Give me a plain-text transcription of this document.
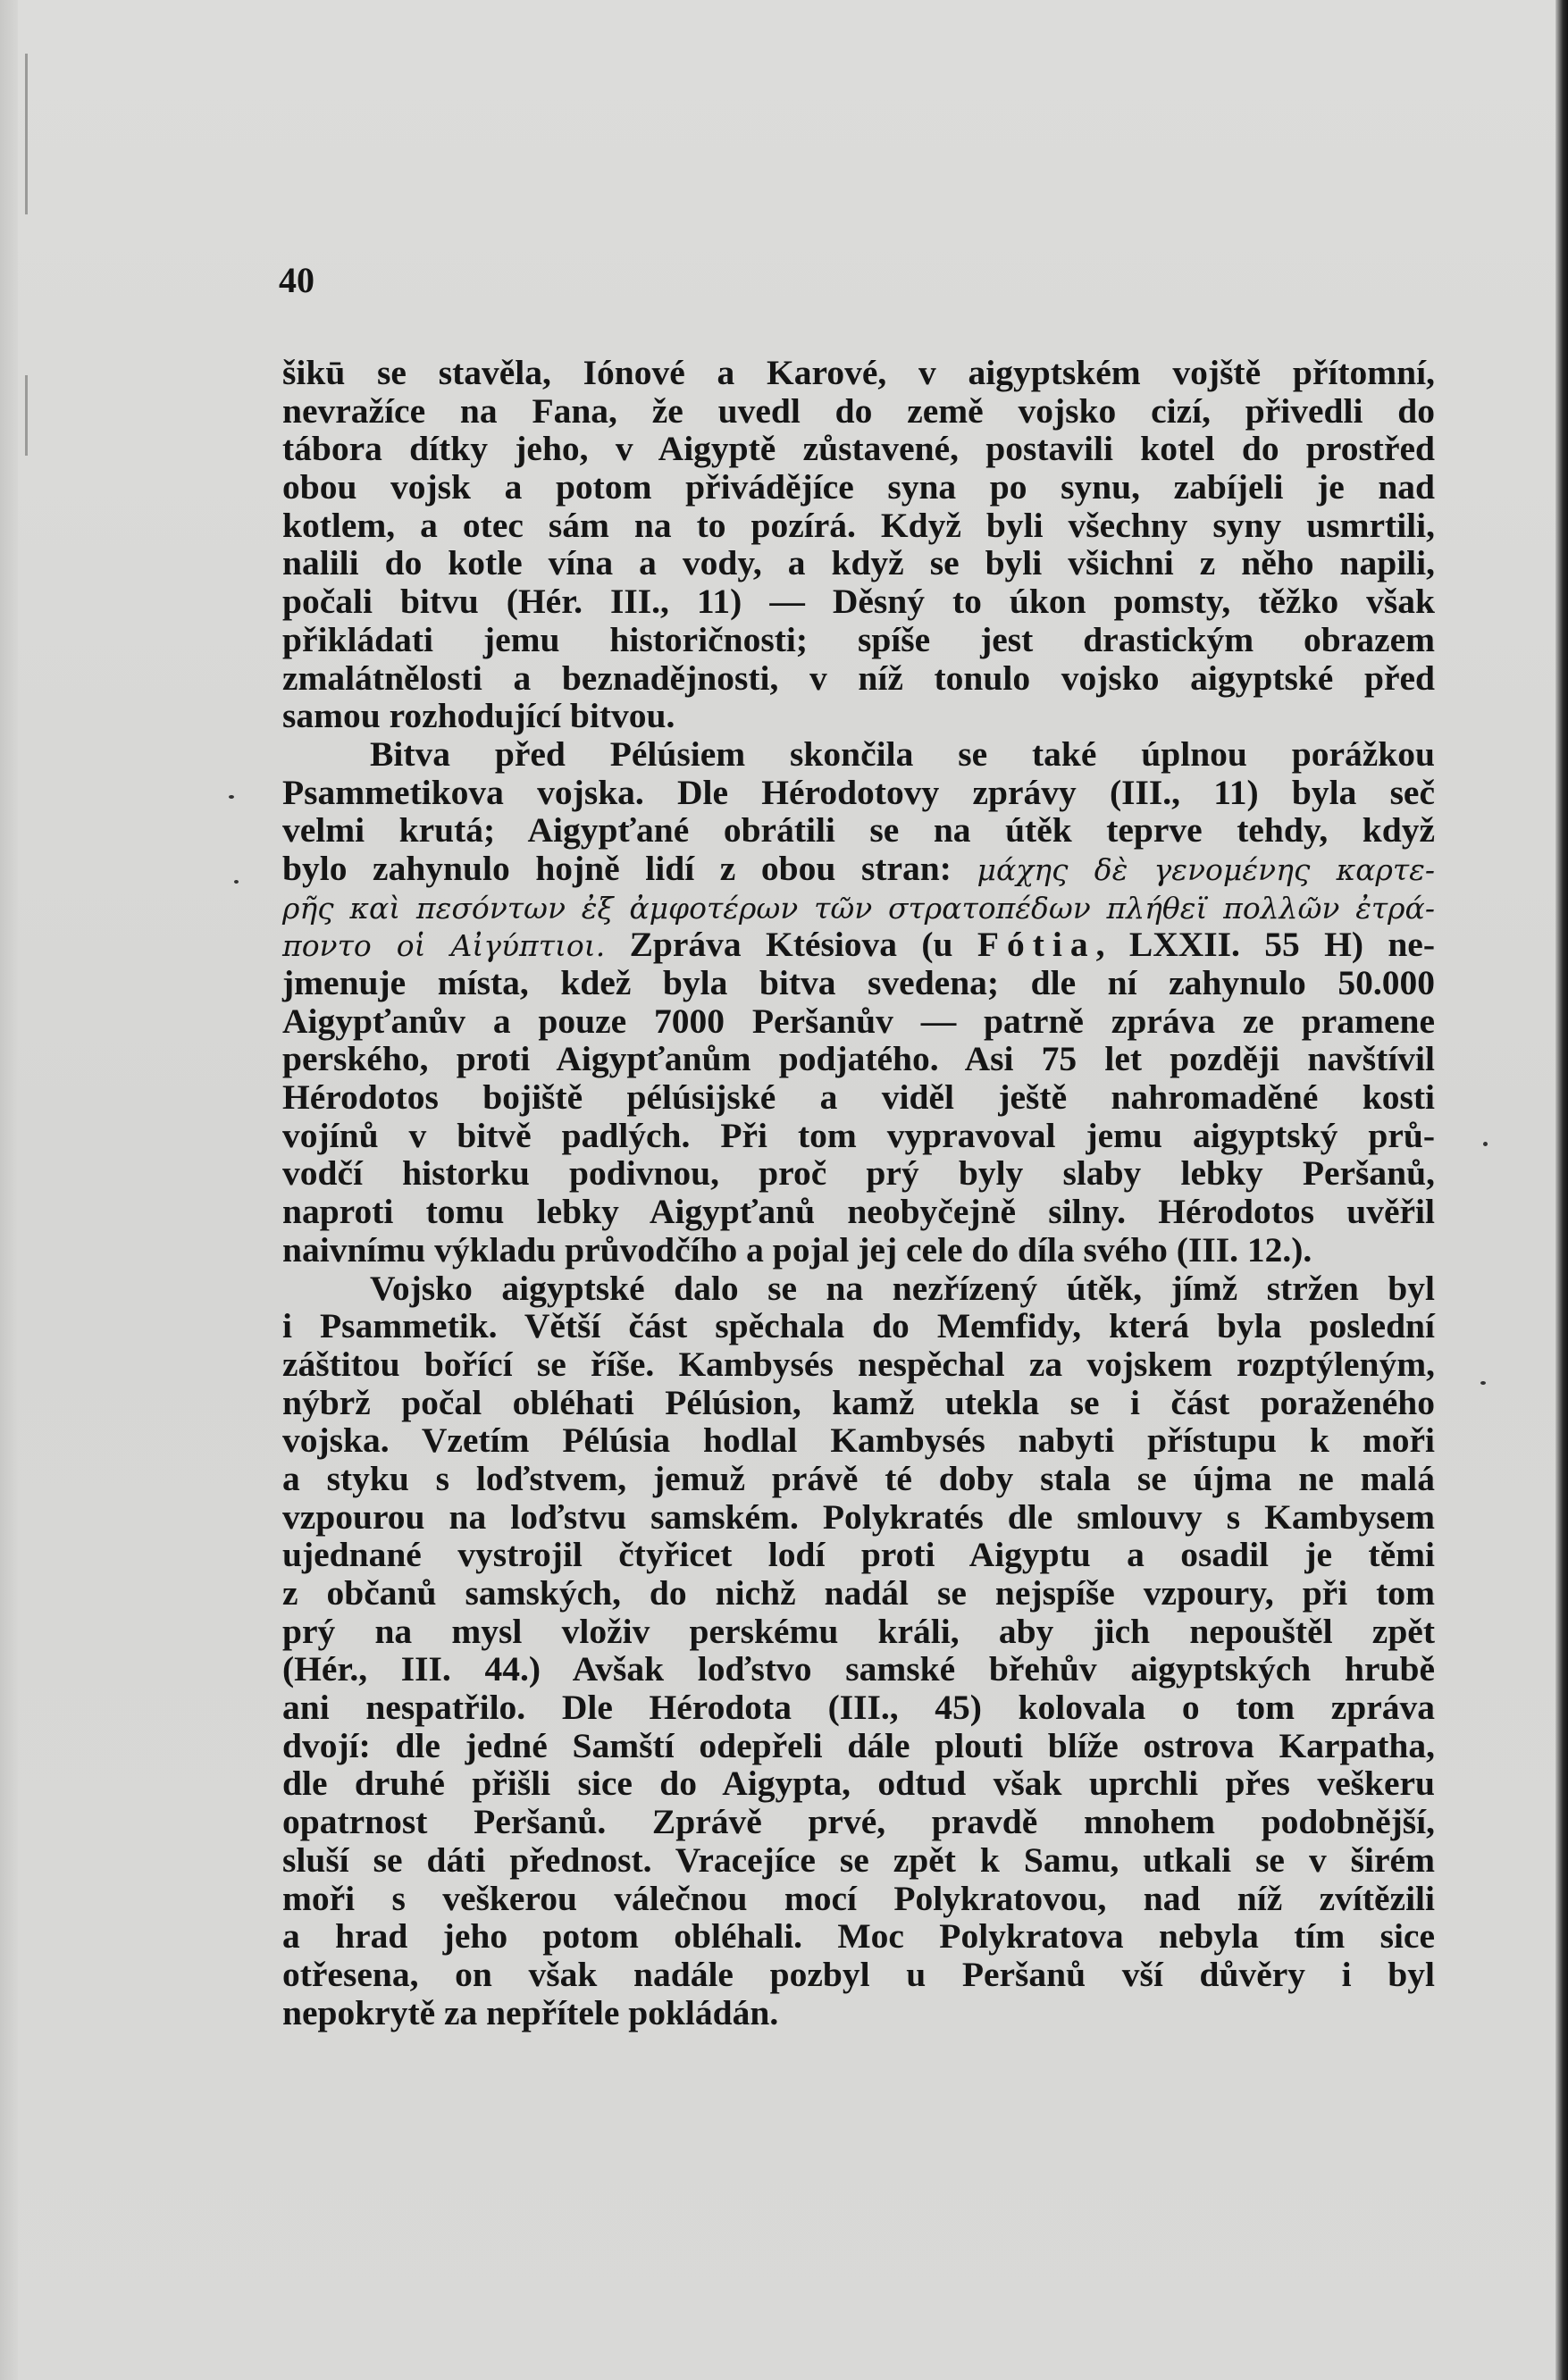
40
šikū se stavěla, Iónové a Karové, v aigyptském vojště přítomní,
nevražíce na Fana, že uvedl do země vojsko cizí, přivedli do
tábora dítky jeho, v Aigyptě zůstavené, postavili kotel do prostřed
obou vojsk a potom přivádějíce syna po synu, zabíjeli je nad
kotlem, a otec sám na to pozírá. Když byli všechny syny usmrtili,
nalili do kotle vína a vody, a když se byli všichni z něho napili,
počali bitvu (Hér. III., 11) — Děsný to úkon pomsty, těžko však
přikládati jemu historičnosti; spíše jest drastickým obrazem
zmalátnělosti a beznadějnosti, v níž tonulo vojsko aigyptské před
samou rozhodující bitvou.
Bitva před Pélúsiem skončila se také úplnou porážkou
Psammetikova vojska. Dle Hérodotovy zprávy (III., 11) byla seč
velmi krutá; Aigypťané obrátili se na útěk teprve tehdy, když
bylo zahynulo hojně lidí z obou stran: μάχης δὲ γενομένης καρτε-
ρῆς καὶ πεσόντων ἐξ ἀμφοτέρων τῶν στρατοπέδων πλήθεϊ πολλῶν ἐτρά-
ποντο οἱ Αἰγύπτιοι. Zpráva Ktésiova (u Fótia, LXXII. 55 H) ne-
jmenuje místa, kdež byla bitva svedena; dle ní zahynulo 50.000
Aigypťanův a pouze 7000 Peršanův — patrně zpráva ze pramene
perského, proti Aigypťanům podjatého. Asi 75 let později navštívil
Hérodotos bojiště pélúsijské a viděl ještě nahromaděné kosti
vojínů v bitvě padlých. Při tom vypravoval jemu aigyptský prů-
vodčí historku podivnou, proč prý byly slaby lebky Peršanů,
naproti tomu lebky Aigypťanů neobyčejně silny. Hérodotos uvěřil
naivnímu výkladu průvodčího a pojal jej cele do díla svého (III. 12.).
Vojsko aigyptské dalo se na nezřízený útěk, jímž stržen byl
i Psammetik. Větší část spěchala do Memfidy, která byla poslední
záštitou bořící se říše. Kambysés nespěchal za vojskem rozptýleným,
nýbrž počal obléhati Pélúsion, kamž utekla se i část poraženého
vojska. Vzetím Pélúsia hodlal Kambysés nabyti přístupu k moři
a styku s loďstvem, jemuž právě té doby stala se újma ne malá
vzpourou na loďstvu samském. Polykratés dle smlouvy s Kambysem
ujednané vystrojil čtyřicet lodí proti Aigyptu a osadil je těmi
z občanů samských, do nichž nadál se nejspíše vzpoury, při tom
prý na mysl vloživ perskému králi, aby jich nepouštěl zpět
(Hér., III. 44.) Avšak loďstvo samské břehův aigyptských hrubě
ani nespatřilo. Dle Hérodota (III., 45) kolovala o tom zpráva
dvojí: dle jedné Samští odepřeli dále plouti blíže ostrova Karpatha,
dle druhé přišli sice do Aigypta, odtud však uprchli přes veškeru
opatrnost Peršanů. Zprávě prvé, pravdě mnohem podobnější,
sluší se dáti přednost. Vracejíce se zpět k Samu, utkali se v širém
moři s veškerou válečnou mocí Polykratovou, nad níž zvítězili
a hrad jeho potom obléhali. Moc Polykratova nebyla tím sice
otřesena, on však nadále pozbyl u Peršanů vší důvěry i byl
nepokrytě za nepřítele pokládán.
